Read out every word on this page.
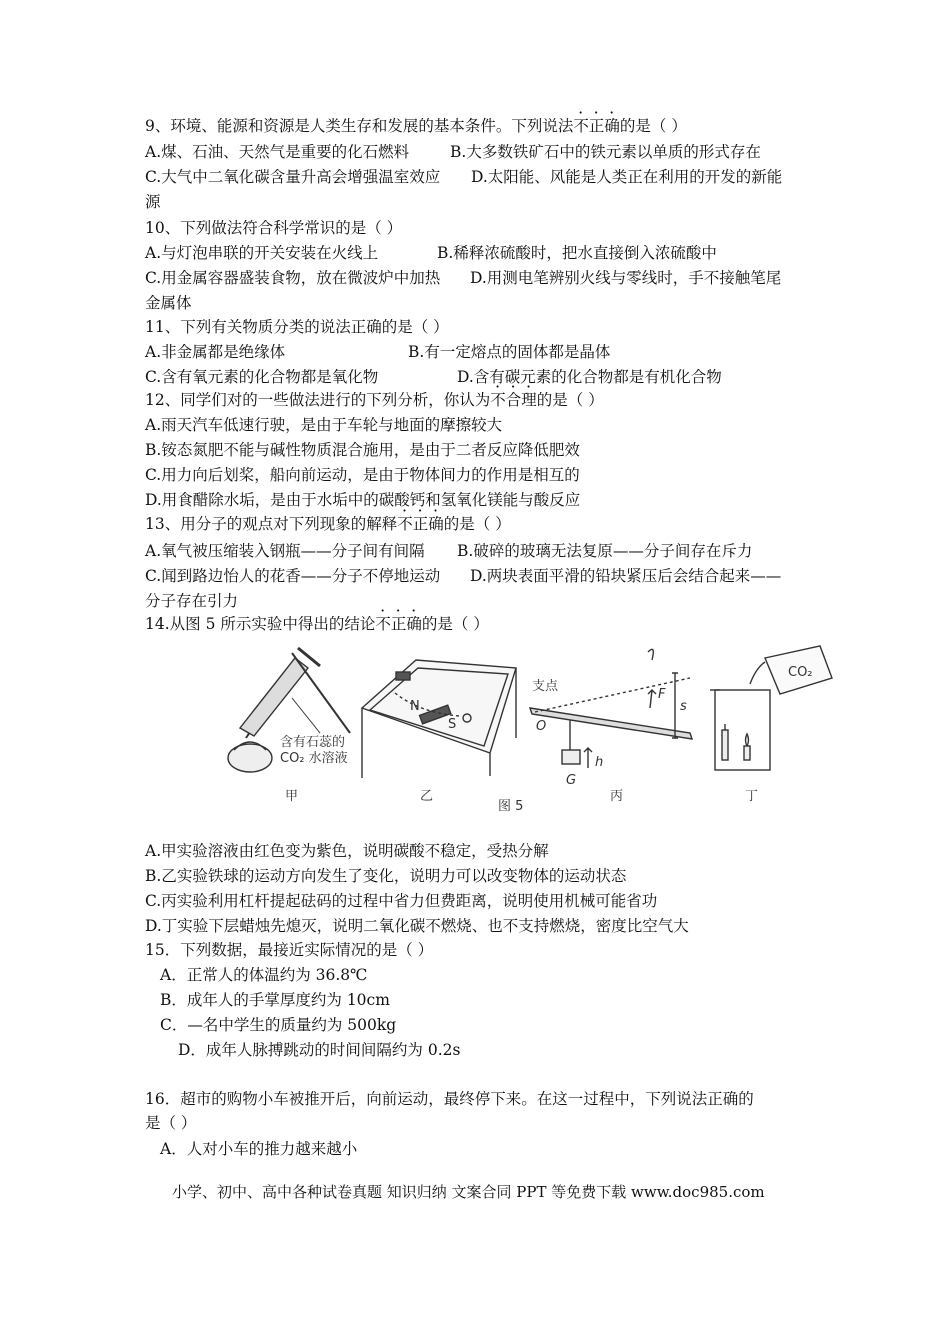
9、环境、能源和资源是人类生存和发展的基本条件。下列说法不正确的是（ ）
A.煤、石油、天然气是重要的化石燃料	B.大多数铁矿石中的铁元素以单质的形式存在
C.大气中二氧化碳含量升高会增强温室效应 D.太阳能、风能是人类正在利用的开发的新能
源
10、下列做法符合科学常识的是（ ）
A.与灯泡串联的开关安装在火线上	B.稀释浓硫酸时，把水直接倒入浓硫酸中
C.用金属容器盛装食物，放在微波炉中加热 D.用测电笔辨别火线与零线时，手不接触笔尾
金属体
11、下列有关物质分类的说法正确的是（ ）
A.非金属都是绝缘体	B.有一定熔点的固体都是晶体
C.含有氧元素的化合物都是氧化物	D.含有碳元素的化合物都是有机化合物
12、同学们对的一些做法进行的下列分析，你认为不合理的是（ ）
A.雨天汽车低速行驶，是由于车轮与地面的摩擦较大
B.铵态氮肥不能与碱性物质混合施用，是由于二者反应降低肥效
C.用力向后划桨，船向前运动，是由于物体间力的作用是相互的
D.用食醋除水垢，是由于水垢中的碳酸钙和氢氧化镁能与酸反应
13、用分子的观点对下列现象的解释不正确的是（ ）
A.氧气被压缩装入钢瓶——分子间有间隔 B.破碎的玻璃无法复原——分子间存在斥力
C.闻到路边怡人的花香——分子不停地运动 D.两块表面平滑的铅块紧压后会结合起来——
分子存在引力
14.从图 5 所示实验中得出的结论不正确的是（ ）
含有石蕊的
CO₂ 水溶液
N
S
支点
O
F
s
h
G
CO₂
甲	乙
图 5
丙	丁
A.甲实验溶液由红色变为紫色，说明碳酸不稳定，受热分解
B.乙实验铁球的运动方向发生了变化，说明力可以改变物体的运动状态
C.丙实验利用杠杆提起砝码的过程中省力但费距离，说明使用机械可能省功
D.丁实验下层蜡烛先熄灭，说明二氧化碳不燃烧、也不支持燃烧，密度比空气大
15．下列数据，最接近实际情况的是（ ）
A．正常人的体温约为 36.8℃
B．成年人的手掌厚度约为 10cm
C．—名中学生的质量约为 500kg
D．成年人脉搏跳动的时间间隔约为 0.2s
16．超市的购物小车被推开后，向前运动，最终停下来。在这一过程中，下列说法正确的
是（ ）
A．人对小车的推力越来越小
小学、初中、高中各种试卷真题 知识归纳 文案合同 PPT 等免费下载 www.doc985.com
